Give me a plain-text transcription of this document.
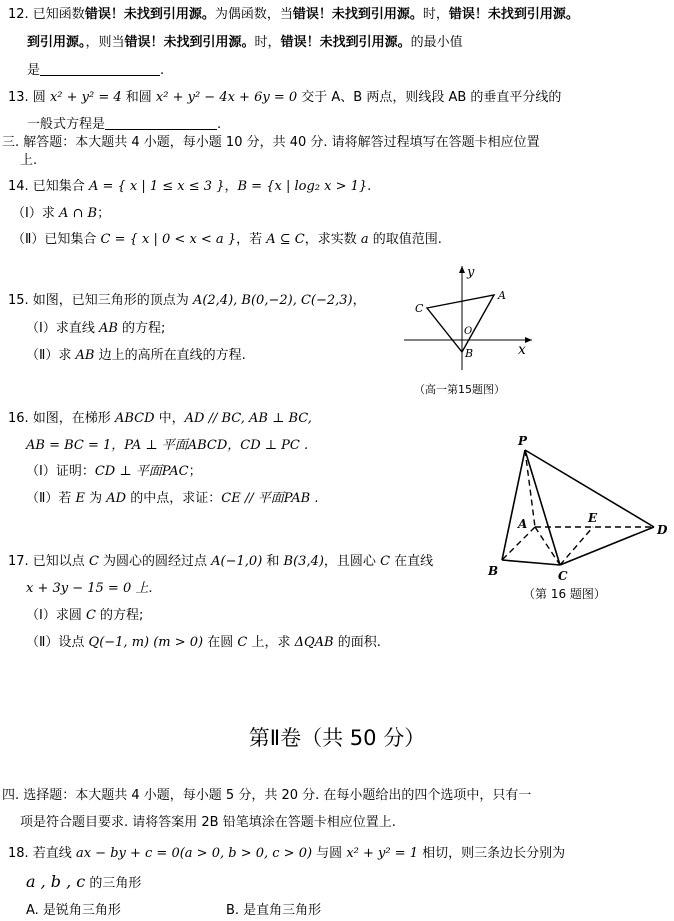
12. 已知函数错误！未找到引用源。为偶函数，当错误！未找到引用源。时，错误！未找到引用源。
到引用源。，则当错误！未找到引用源。时，错误！未找到引用源。的最小值
是	.
13. 圆 x² + y² = 4 和圆 x² + y² − 4x + 6y = 0 交于 A、B 两点，则线段 AB 的垂直平分线的
一般式方程是	.
三. 解答题：本大题共 4 小题，每小题 10 分，共 40 分. 请将解答过程填写在答题卡相应位置
上.
14. 已知集合 A = { x | 1 ≤ x ≤ 3 }，B = {x | log₂ x > 1}.
（Ⅰ）求 A ∩ B；
（Ⅱ）已知集合 C = { x | 0 < x < a }，若 A ⊆ C，求实数 a 的取值范围.
15. 如图，已知三角形的顶点为 A(2,4), B(0,−2), C(−2,3)，
（Ⅰ）求直线 AB 的方程;
（Ⅱ）求 AB 边上的高所在直线的方程.
A
B
C
O
x
y
（高一第15题图）
16. 如图，在梯形 ABCD 中，AD // BC, AB ⊥ BC,
AB = BC = 1，PA ⊥ 平面ABCD，CD ⊥ PC .
（Ⅰ）证明：CD ⊥ 平面PAC；
（Ⅱ）若 E 为 AD 的中点，求证：CE // 平面PAB .
P
A
B	C
D
E
（第 16 题图）
17. 已知以点 C 为圆心的圆经过点 A(−1,0) 和 B(3,4)，且圆心 C 在直线
x + 3y − 15 = 0 上.
（Ⅰ）求圆 C 的方程;
（Ⅱ）设点 Q(−1, m) (m > 0) 在圆 C 上，求 ΔQAB 的面积.
第Ⅱ卷（共 50 分）
四. 选择题：本大题共 4 小题，每小题 5 分，共 20 分. 在每小题给出的四个选项中，只有一
项是符合题目要求. 请将答案用 2B 铅笔填涂在答题卡相应位置上.
18. 若直线 ax − by + c = 0(a > 0, b > 0, c > 0) 与圆 x² + y² = 1 相切，则三条边长分别为
a , b , c 的三角形
A. 是锐角三角形	B. 是直角三角形
